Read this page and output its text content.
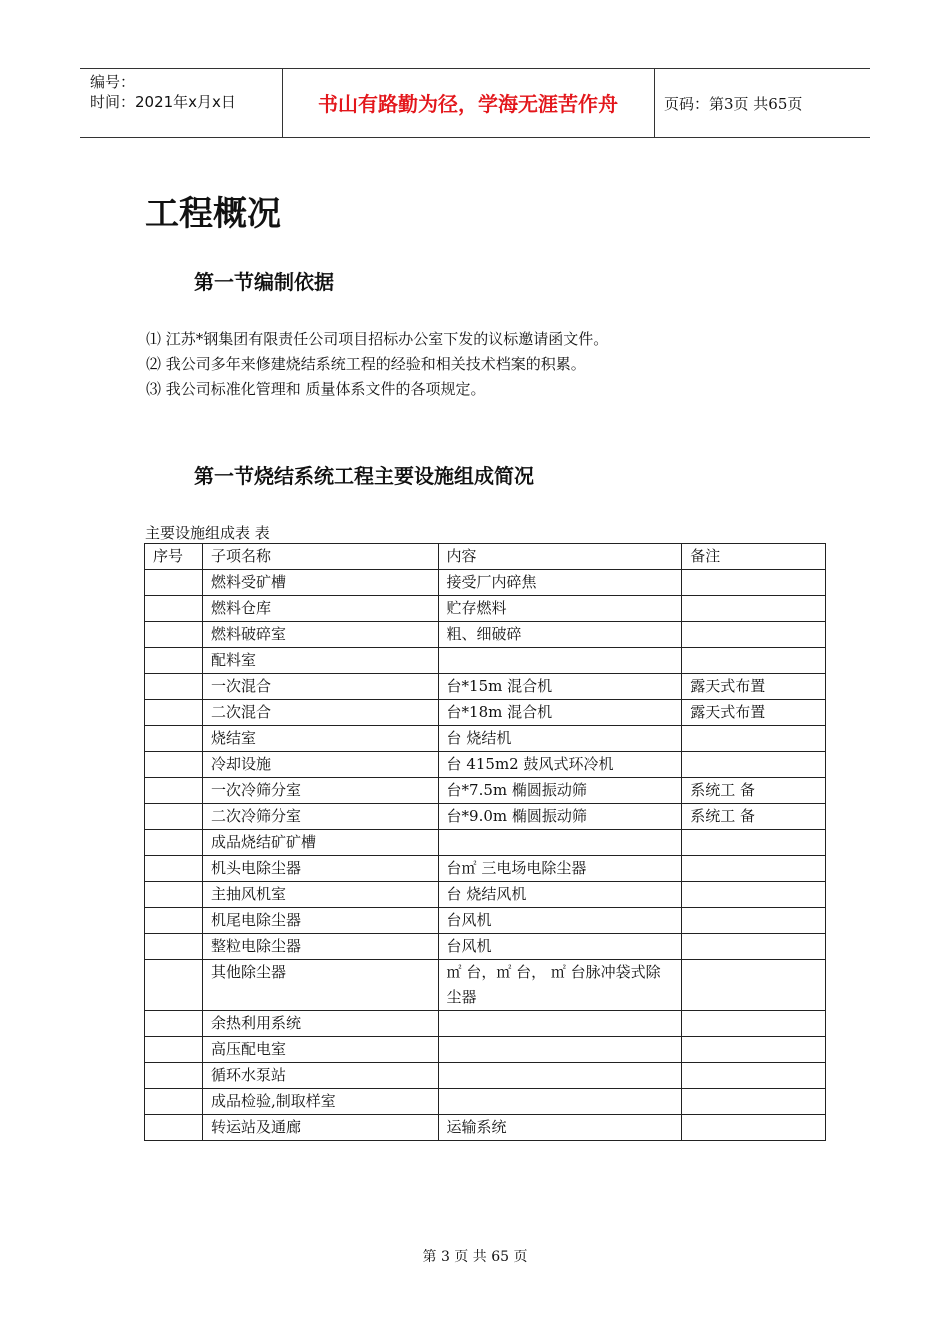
编号：
时间：2021年x月x日	书山有路勤为径，学海无涯苦作舟	页码：第3页 共65页
工程概况
第一节编制依据
⑴ 江苏*钢集团有限责任公司项目招标办公室下发的议标邀请函文件。
⑵ 我公司多年来修建烧结系统工程的经验和相关技术档案的积累。
⑶ 我公司标准化管理和 质量体系文件的各项规定。
第一节烧结系统工程主要设施组成简况
主要设施组成表 表
序号	子项名称	内容	备注
	燃料受矿槽	接受厂内碎焦	
	燃料仓库	贮存燃料	
	燃料破碎室	粗、细破碎	
	配料室		
	一次混合	台*15m 混合机	露天式布置
	二次混合	台*18m 混合机	露天式布置
	烧结室	台 烧结机	
	冷却设施	台 415m2 鼓风式环冷机	
	一次冷筛分室	台*7.5m 椭圆振动筛	系统工 备
	二次冷筛分室	台*9.0m 椭圆振动筛	系统工 备
	成品烧结矿矿槽		
	机头电除尘器	台㎡ 三电场电除尘器	
	主抽风机室	台 烧结风机	
	机尾电除尘器	台风机	
	整粒电除尘器	台风机	
	其他除尘器	㎡ 台，㎡ 台， ㎡ 台脉冲袋式除尘器	
	余热利用系统		
	高压配电室		
	循环水泵站		
	成品检验,制取样室		
	转运站及通廊	运输系统	
第 3 页 共 65 页
